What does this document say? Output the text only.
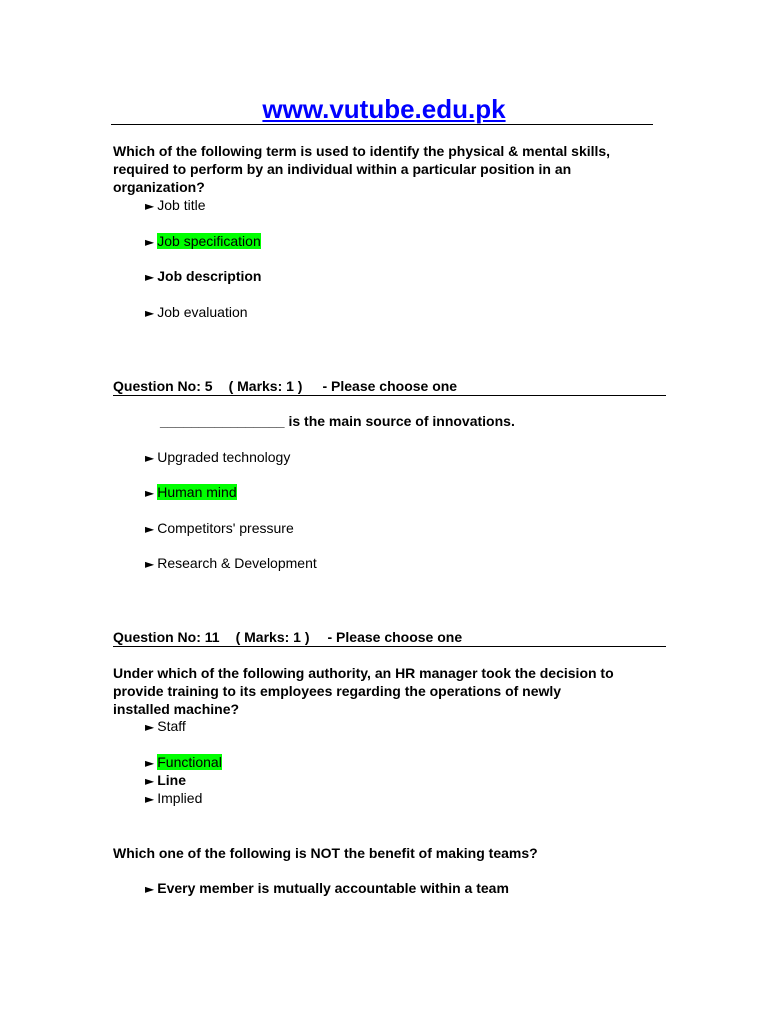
www.vutube.edu.pk
Which of the following term is used to identify the physical & mental skills,
required to perform by an individual within a particular position in an
organization?
► Job title
► Job specification
► Job description
► Job evaluation
Question No: 5 ( Marks: 1 ) - Please choose one
________________ is the main source of innovations.
► Upgraded technology
► Human mind
► Competitors' pressure
► Research & Development
Question No: 11 ( Marks: 1 ) - Please choose one
Under which of the following authority, an HR manager took the decision to
provide training to its employees regarding the operations of newly
installed machine?
► Staff
► Functional
► Line
► Implied
Which one of the following is NOT the benefit of making teams?
► Every member is mutually accountable within a team
